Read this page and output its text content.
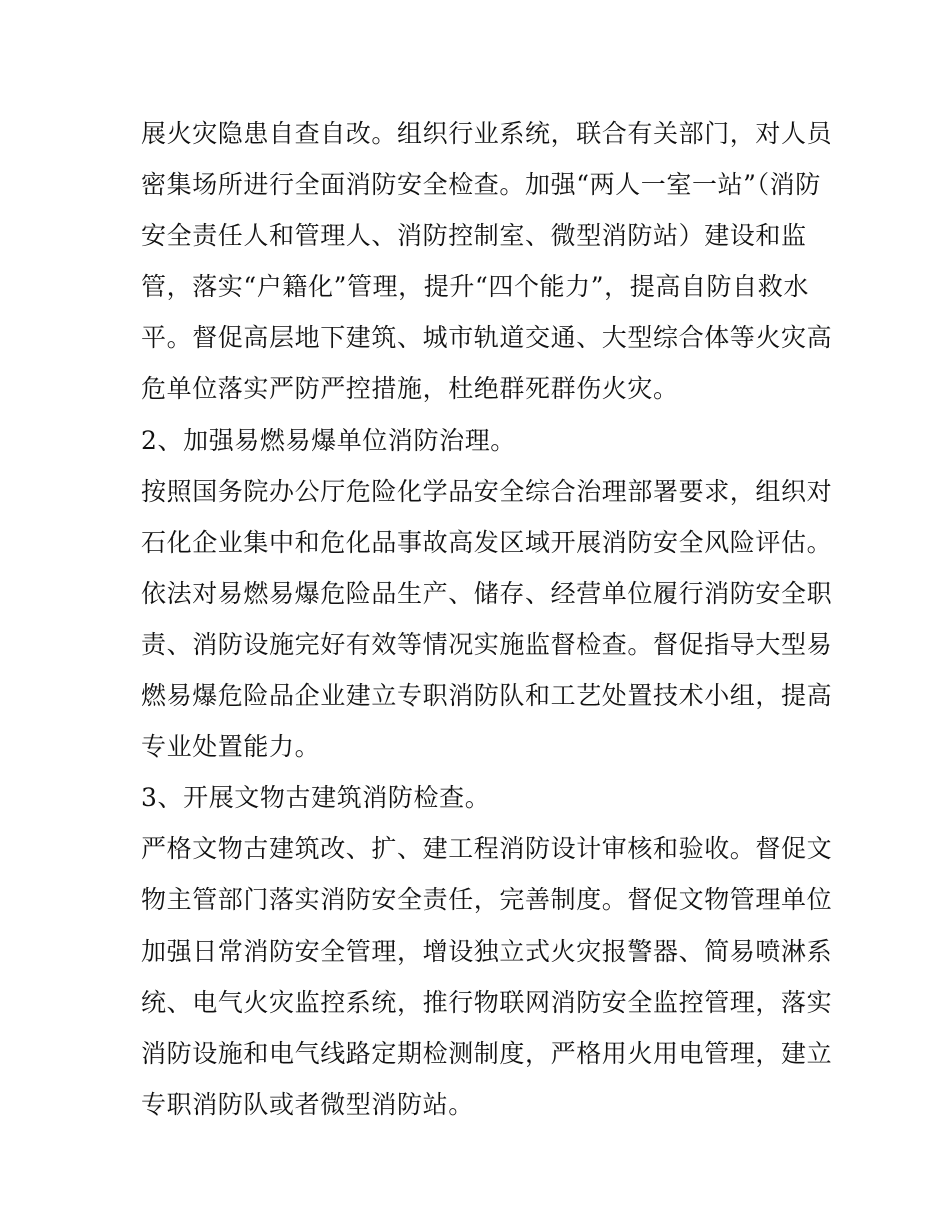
展火灾隐患自查自改。组织行业系统，联合有关部门，对人员
密集场所进行全面消防安全检查。加强“两人一室一站”（消防
安全责任人和管理人、消防控制室、微型消防站）建设和监
管，落实“户籍化”管理，提升“四个能力”，提高自防自救水
平。督促高层地下建筑、城市轨道交通、大型综合体等火灾高
危单位落实严防严控措施，杜绝群死群伤火灾。
2、加强易燃易爆单位消防治理。
按照国务院办公厅危险化学品安全综合治理部署要求，组织对
石化企业集中和危化品事故高发区域开展消防安全风险评估。
依法对易燃易爆危险品生产、储存、经营单位履行消防安全职
责、消防设施完好有效等情况实施监督检查。督促指导大型易
燃易爆危险品企业建立专职消防队和工艺处置技术小组，提高
专业处置能力。
3、开展文物古建筑消防检查。
严格文物古建筑改、扩、建工程消防设计审核和验收。督促文
物主管部门落实消防安全责任，完善制度。督促文物管理单位
加强日常消防安全管理，增设独立式火灾报警器、简易喷淋系
统、电气火灾监控系统，推行物联网消防安全监控管理，落实
消防设施和电气线路定期检测制度，严格用火用电管理，建立
专职消防队或者微型消防站。
